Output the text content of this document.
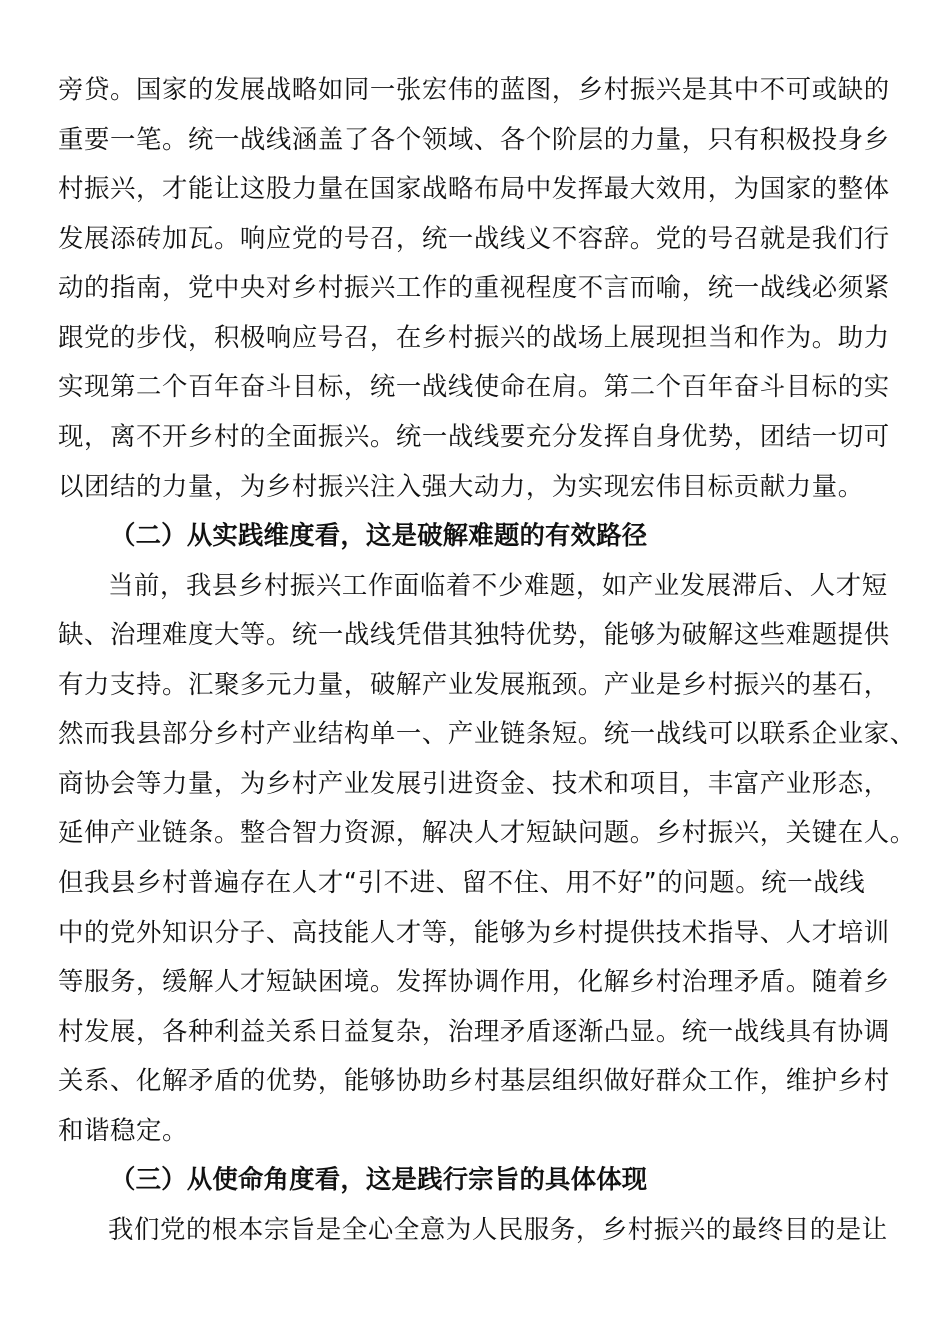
旁贷。国家的发展战略如同一张宏伟的蓝图，乡村振兴是其中不可或缺的
重要一笔。统一战线涵盖了各个领域、各个阶层的力量，只有积极投身乡
村振兴，才能让这股力量在国家战略布局中发挥最大效用，为国家的整体
发展添砖加瓦。响应党的号召，统一战线义不容辞。党的号召就是我们行
动的指南，党中央对乡村振兴工作的重视程度不言而喻，统一战线必须紧
跟党的步伐，积极响应号召，在乡村振兴的战场上展现担当和作为。助力
实现第二个百年奋斗目标，统一战线使命在肩。第二个百年奋斗目标的实
现，离不开乡村的全面振兴。统一战线要充分发挥自身优势，团结一切可
以团结的力量，为乡村振兴注入强大动力，为实现宏伟目标贡献力量。
（二）从实践维度看，这是破解难题的有效路径
当前，我县乡村振兴工作面临着不少难题，如产业发展滞后、人才短
缺、治理难度大等。统一战线凭借其独特优势，能够为破解这些难题提供
有力支持。汇聚多元力量，破解产业发展瓶颈。产业是乡村振兴的基石，
然而我县部分乡村产业结构单一、产业链条短。统一战线可以联系企业家、
商协会等力量，为乡村产业发展引进资金、技术和项目，丰富产业形态，
延伸产业链条。整合智力资源，解决人才短缺问题。乡村振兴，关键在人。
但我县乡村普遍存在人才“引不进、留不住、用不好”的问题。统一战线
中的党外知识分子、高技能人才等，能够为乡村提供技术指导、人才培训
等服务，缓解人才短缺困境。发挥协调作用，化解乡村治理矛盾。随着乡
村发展，各种利益关系日益复杂，治理矛盾逐渐凸显。统一战线具有协调
关系、化解矛盾的优势，能够协助乡村基层组织做好群众工作，维护乡村
和谐稳定。
（三）从使命角度看，这是践行宗旨的具体体现
我们党的根本宗旨是全心全意为人民服务，乡村振兴的最终目的是让
